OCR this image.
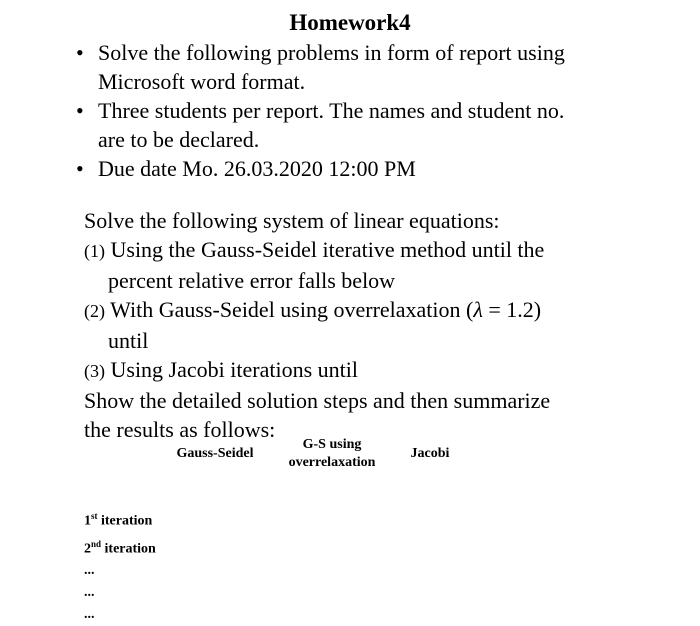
Homework4
• Solve the following problems in form of report using
Microsoft word format.
• Three students per report. The names and student no.
are to be declared.
• Due date Mo. 26.03.2020 12:00 PM
Solve the following system of linear equations:
(1) Using the Gauss-Seidel iterative method until the
percent relative error falls below
(2) With Gauss-Seidel using overrelaxation (λ = 1.2)
until
(3) Using Jacobi iterations until
Show the detailed solution steps and then summarize
the results as follows:
Gauss-Seidel
G-S using
overrelaxation
Jacobi
1st iteration
2nd iteration
...
...
...
